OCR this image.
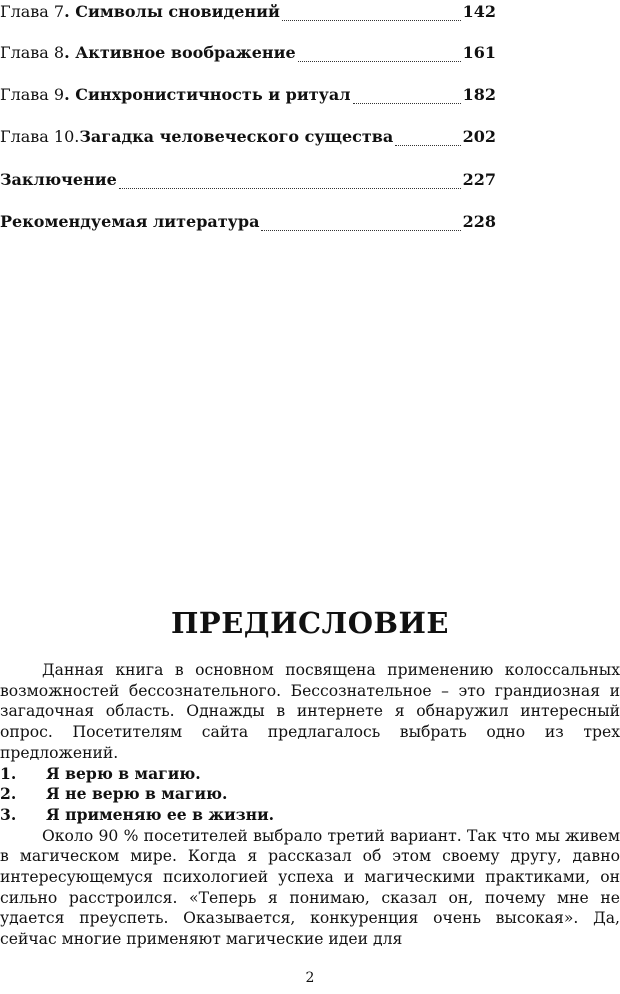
Глава 7 . Символы сновидений	142
Глава 8 . Активное воображение	161
Глава 9 . Синхронистичность и ритуал	182
Глава 10. Загадка человеческого существа	202
Заключение	227
Рекомендуемая литература	228
ПРЕДИСЛОВИЕ

Данная книга в основном посвящена применению колоссальных возможностей бессознательного. Бессознательное – это грандиозная и загадочная область. Однажды в интернете я обнаружил интересный опрос. Посетителям сайта предлагалось выбрать одно из трех предложений.

1.	Я верю в магию.
2.	Я не верю в магию.
3.	Я применяю ее в жизни.

Около 90 % посетителей выбрало третий вариант. Так что мы живем в магическом мире. Когда я рассказал об этом своему другу, давно интересующемуся психологией успеха и магическими практиками, он сильно расстроился. «Теперь я понимаю, сказал он, почему мне не удается преуспеть. Оказывается, конкуренция очень высокая». Да, сейчас многие применяют магические идеи для

2
